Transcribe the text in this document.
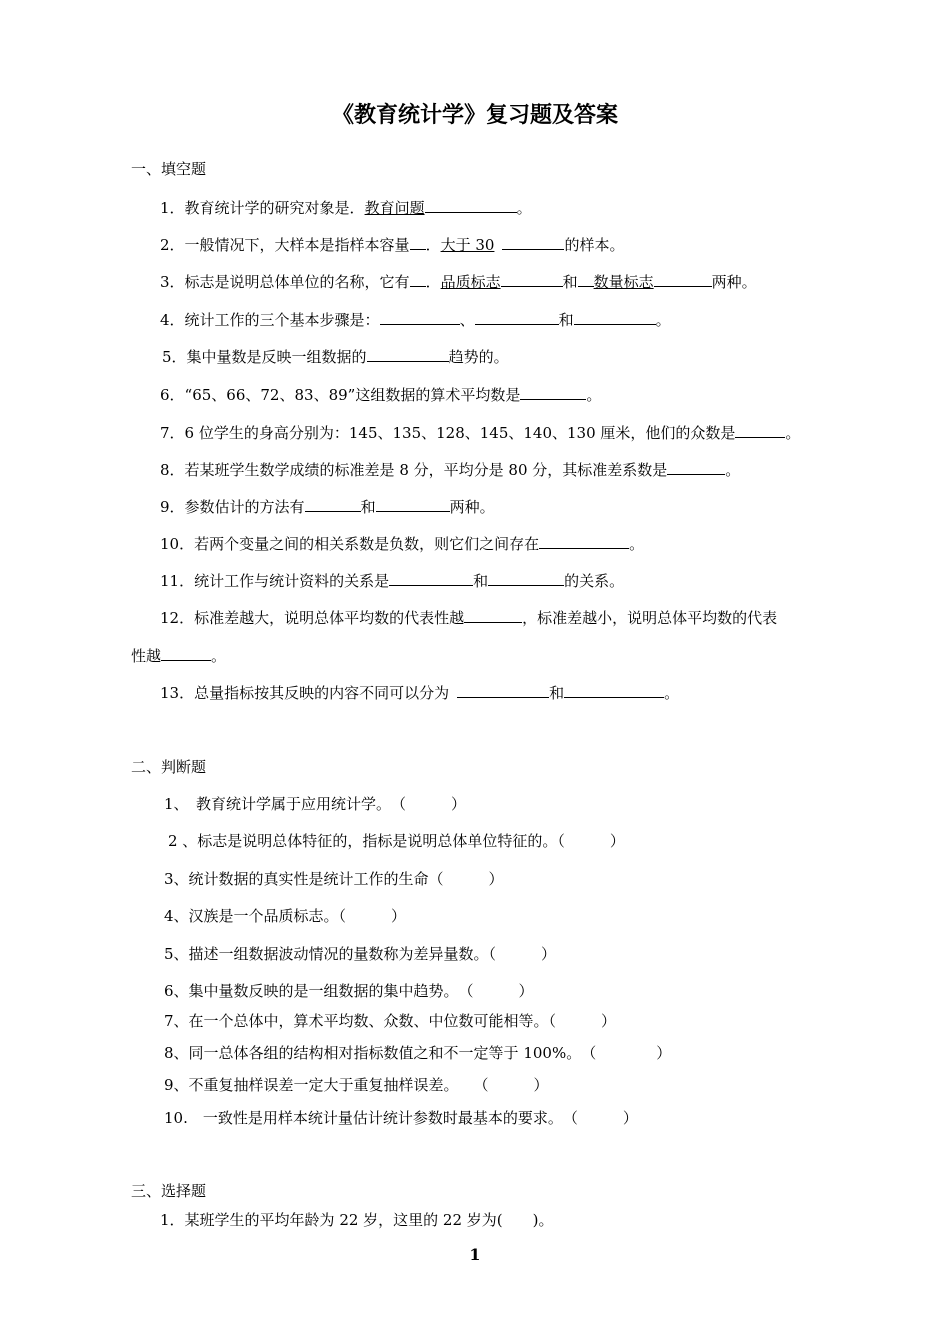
《教育统计学》复习题及答案
一、填空题
1．教育统计学的研究对象是．教育问题	。
2．一般情况下，大样本是指样本容量 ．大于 30	的样本。
3．标志是说明总体单位的名称，它有 ．品质标志	和 数量标志	两种。
4．统计工作的三个基本步骤是：	、	和	。
5．集中量数是反映一组数据的	趋势的。
6．“65、66、72、83、89”这组数据的算术平均数是	。
7．6 位学生的身高分别为：145、135、128、145、140、130 厘米，他们的众数是	。
8．若某班学生数学成绩的标准差是 8 分，平均分是 80 分，其标准差系数是	。
9．参数估计的方法有	和	两种。
10．若两个变量之间的相关系数是负数，则它们之间存在	。
11．统计工作与统计资料的关系是	和	的关系。
12．标准差越大，说明总体平均数的代表性越	，标准差越小，说明总体平均数的代表
性越	。
13．总量指标按其反映的内容不同可以分为	和	。
二、判断题
1、　教育统计学属于应用统计学。　（　　　）
2 、标志是说明总体特征的，指标是说明总体单位特征的。（　　　）
3、统计数据的真实性是统计工作的生命（　　　）
4、汉族是一个品质标志。（　　　）
5、描述一组数据波动情况的量数称为差异量数。（　　　）
6、集中量数反映的是一组数据的集中趋势。　（　　　）
7、在一个总体中，算术平均数、众数、中位数可能相等。（　　　）
8、同一总体各组的结构相对指标数值之和不一定等于 100%。　（　　　　）
9、不重复抽样误差一定大于重复抽样误差。　　（　　　）
10.　一致性是用样本统计量估计统计参数时最基本的要求。　（　　　）
三、选择题
1．某班学生的平均年龄为 22 岁，这里的 22 岁为(　　)。
1
